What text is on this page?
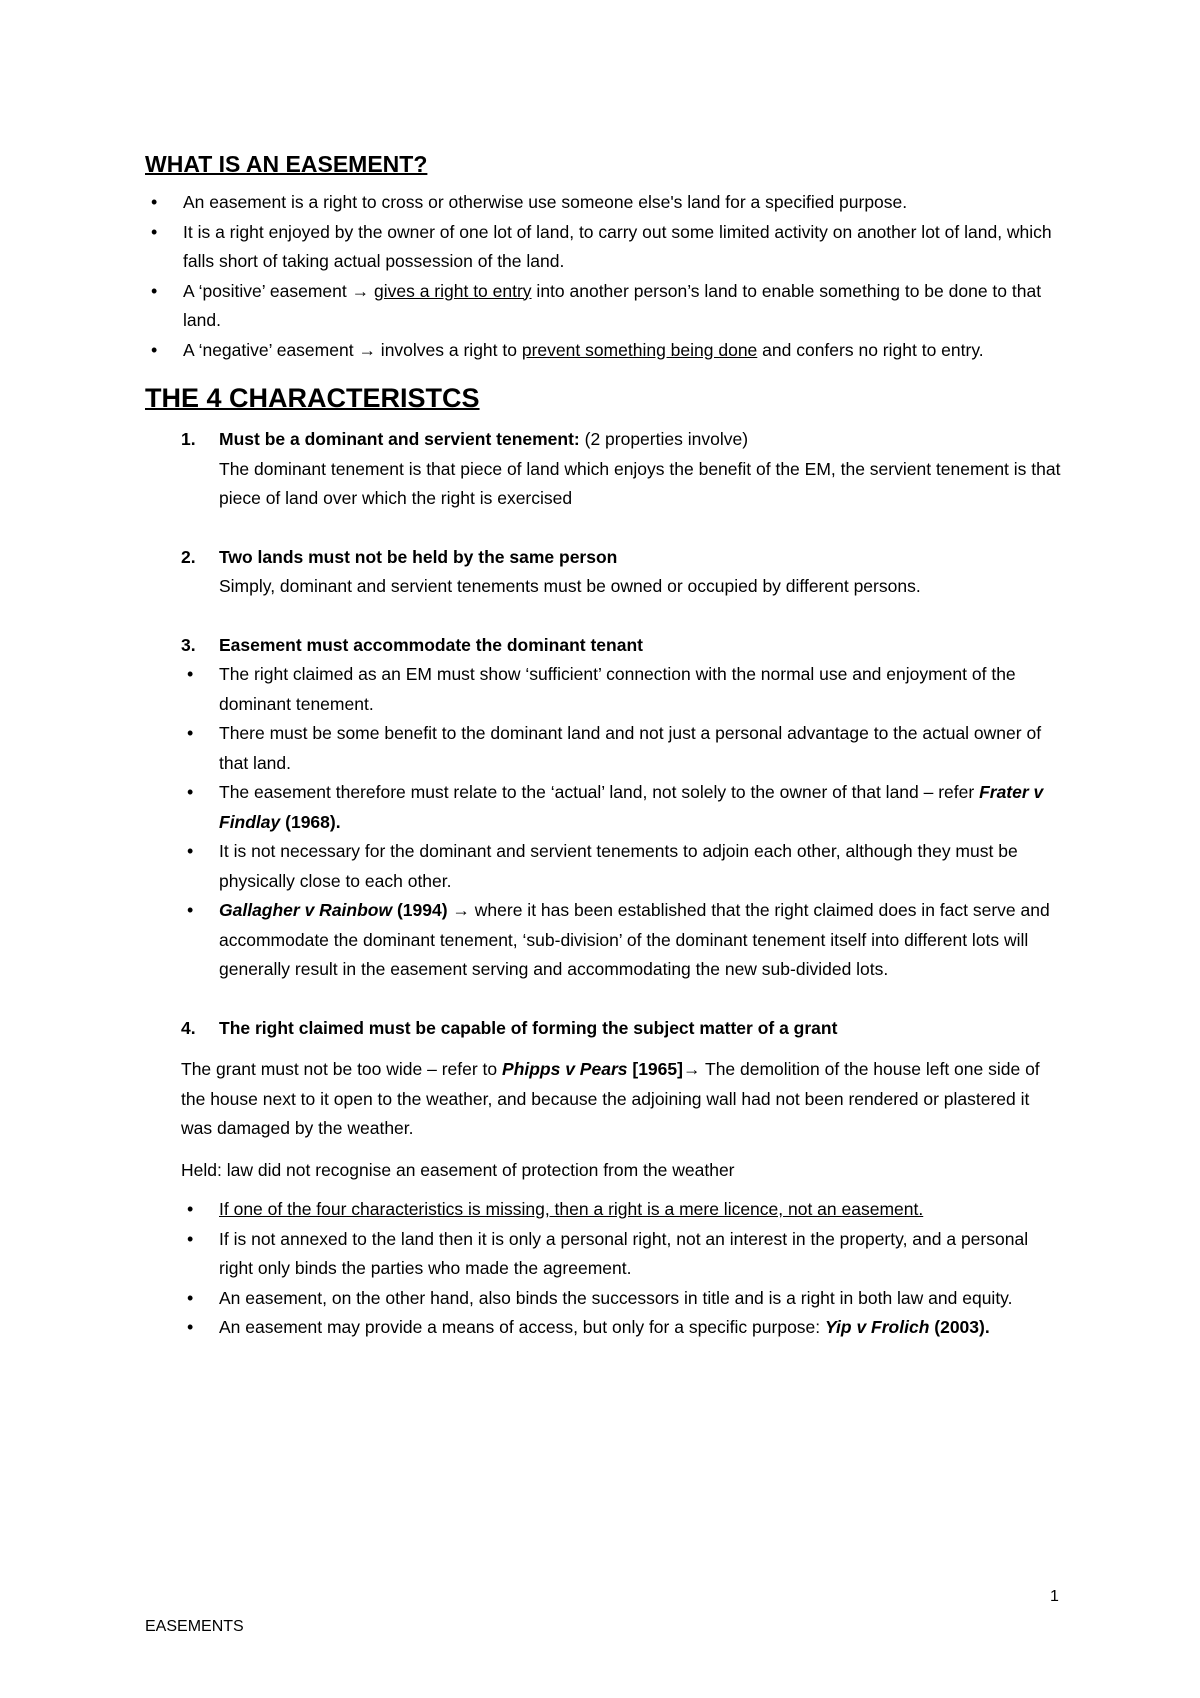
WHAT IS AN EASEMENT?
• An easement is a right to cross or otherwise use someone else's land for a specified purpose.
• It is a right enjoyed by the owner of one lot of land, to carry out some limited activity on another lot of land, which falls short of taking actual possession of the land.
• A ‘positive’ easement → gives a right to entry into another person’s land to enable something to be done to that land.
• A ‘negative’ easement → involves a right to prevent something being done and confers no right to entry.
THE 4 CHARACTERISTCS
1. Must be a dominant and servient tenement: (2 properties involve)
The dominant tenement is that piece of land which enjoys the benefit of the EM, the servient tenement is that piece of land over which the right is exercised
2. Two lands must not be held by the same person
Simply, dominant and servient tenements must be owned or occupied by different persons.
3. Easement must accommodate the dominant tenant
• The right claimed as an EM must show ‘sufficient’ connection with the normal use and enjoyment of the dominant tenement.
• There must be some benefit to the dominant land and not just a personal advantage to the actual owner of that land.
• The easement therefore must relate to the ‘actual’ land, not solely to the owner of that land – refer Frater v Findlay (1968).
• It is not necessary for the dominant and servient tenements to adjoin each other, although they must be physically close to each other.
• Gallagher v Rainbow (1994) → where it has been established that the right claimed does in fact serve and accommodate the dominant tenement, ‘sub-division’ of the dominant tenement itself into different lots will generally result in the easement serving and accommodating the new sub-divided lots.
4. The right claimed must be capable of forming the subject matter of a grant
The grant must not be too wide – refer to Phipps v Pears [1965]→ The demolition of the house left one side of the house next to it open to the weather, and because the adjoining wall had not been rendered or plastered it was damaged by the weather.
Held: law did not recognise an easement of protection from the weather
• If one of the four characteristics is missing, then a right is a mere licence, not an easement.
• If is not annexed to the land then it is only a personal right, not an interest in the property, and a personal right only binds the parties who made the agreement.
• An easement, on the other hand, also binds the successors in title and is a right in both law and equity.
• An easement may provide a means of access, but only for a specific purpose: Yip v Frolich (2003).
1
EASEMENTS
